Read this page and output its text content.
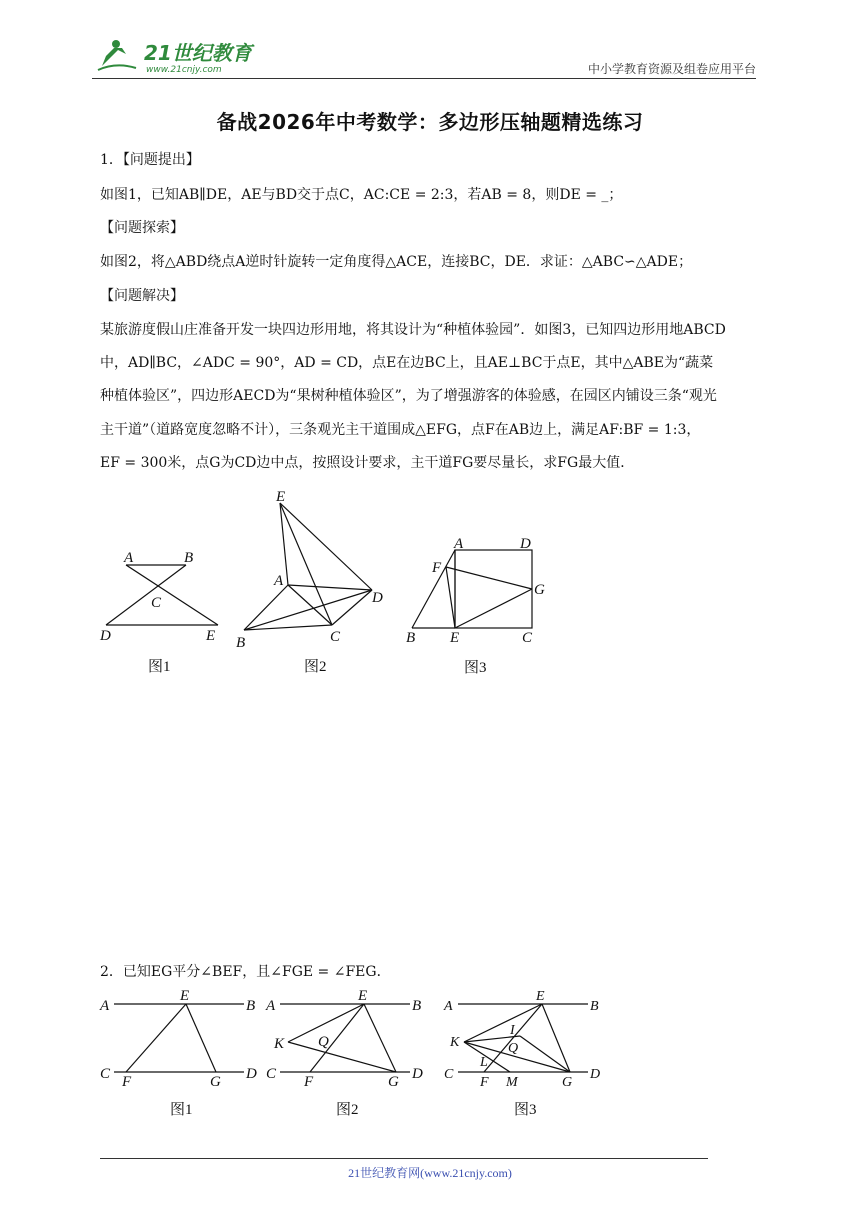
21世纪教育
www.21cnjy.com	中小学教育资源及组卷应用平台
备战2026年中考数学：多边形压轴题精选练习
1．【问题提出】
如图1，已知AB∥DE，AE与BD交于点C，AC:CE = 2:3，若AB = 8，则DE = _；
【问题探索】
如图2，将△ABD绕点A逆时针旋转一定角度得△ACE，连接BC，DE．求证：△ABC∽△ADE；
【问题解决】
某旅游度假山庄准备开发一块四边形用地，将其设计为“种植体验园”．如图3，已知四边形用地ABCD
中，AD∥BC，∠ADC = 90°，AD = CD，点E在边BC上，且AE⊥BC于点E，其中△ABE为“蔬菜
种植体验区”，四边形AECD为“果树种植体验区”，为了增强游客的体验感，在园区内铺设三条“观光
主干道”（道路宽度忽略不计），三条观光主干道围成△EFG，点F在AB边上，满足AF:BF = 1:3，
EF = 300米，点G为CD边中点，按照设计要求，主干道FG要尽量长，求FG最大值．
A	B
C
D	E
图1
E
A
D
C
B
图2
A	D
F
G
B E	C
图3
2．已知EG平分∠BEF，且∠FGE = ∠FEG．
A
E
B
C F	G D
图1
A
E
B
K Q
C F	G D
图2
A
E
B
K
I
Q
L
C
F M	G
D
图3
21世纪教育网(www.21cnjy.com)
